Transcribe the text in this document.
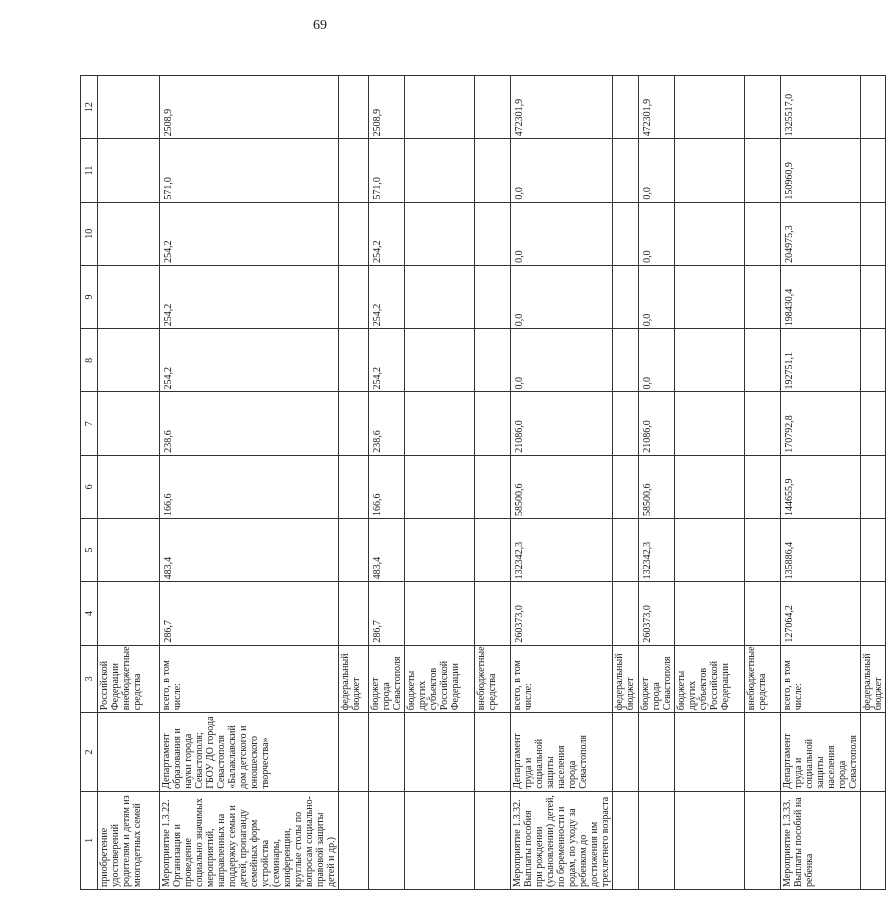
69
1	2	3	4	5	6	7	8	9	10	11	12
приобретение удостоверений родителям и детям из многодетных семей		Российской Федерации внебюджетные средства									
Мероприятие 1.3.22. Организация и проведение социально значимых мероприятий, направленных на поддержку семьи и детей, пропаганду семейных форм устройства (семинары, конференции, круглые столы по вопросам социально-правовой защиты детей и др.)	Департамент образования и науки города Севастополя; ГБОУ ДО города Севастополя «Балаклавский дом детского и юношеского творчества»	всего, в том числе:	286,7	483,4	166,6	238,6	254,2	254,2	254,2	571,0	2508,9
		федеральный бюджет									
		бюджет города Севастополя	286,7	483,4	166,6	238,6	254,2	254,2	254,2	571,0	2508,9
		бюджеты других субъектов Российской Федерации									
		внебюджетные средства									
Мероприятие 1.3.32. Выплаты пособия при рождении (усыновлении) детей, по беременности и родам, по уходу за ребенком до достижения им трехлетнего возраста	Департамент труда и социальной защиты населения города Севастополя	всего, в том числе:	260373,0	132342,3	58500,6	21086,0	0,0	0,0	0,0	0,0	472301,9
		федеральный бюджет									
		бюджет города Севастополя	260373,0	132342,3	58500,6	21086,0	0,0	0,0	0,0	0,0	472301,9
		бюджеты других субъектов Российской Федерации									
		внебюджетные средства									
Мероприятие 1.3.33. Выплаты пособий на ребенка	Департамент труда и социальной защиты населения города Севастополя	всего, в том числе:	127064,2	135886,4	144655,9	170792,8	192751,1	198430,4	204975,3	150960,9	1325517,0
		федеральный бюджет									
